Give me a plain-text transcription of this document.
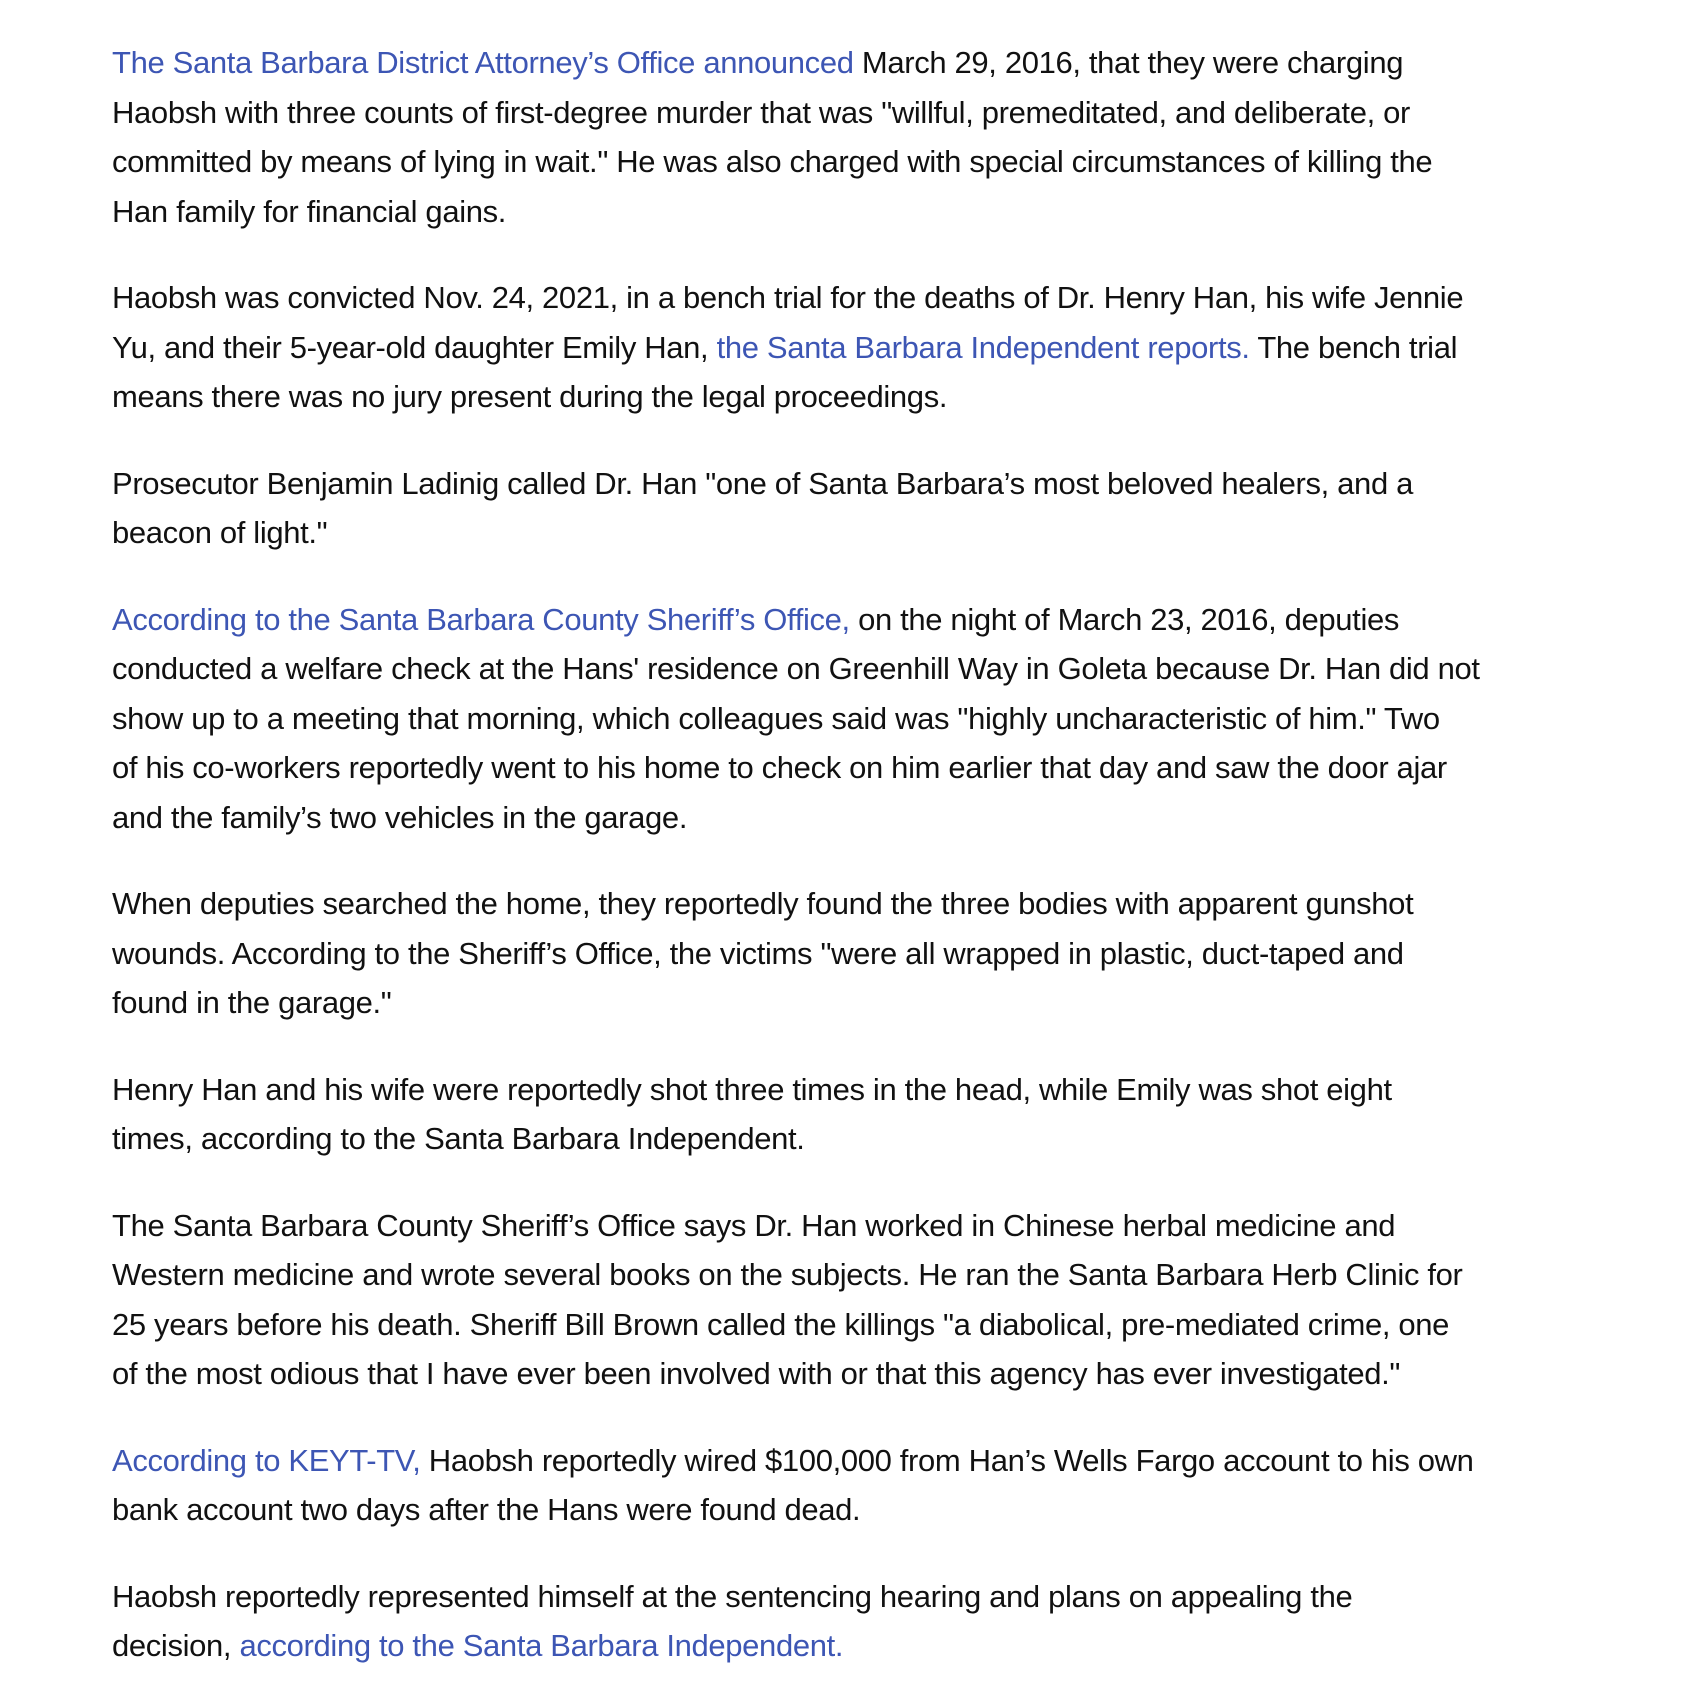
The Santa Barbara District Attorney’s Office announced March 29, 2016, that they were charging
Haobsh with three counts of first-degree murder that was "willful, premeditated, and deliberate, or
committed by means of lying in wait." He was also charged with special circumstances of killing the
Han family for financial gains.

Haobsh was convicted Nov. 24, 2021, in a bench trial for the deaths of Dr. Henry Han, his wife Jennie
Yu, and their 5-year-old daughter Emily Han, the Santa Barbara Independent reports. The bench trial
means there was no jury present during the legal proceedings.

Prosecutor Benjamin Ladinig called Dr. Han "one of Santa Barbara’s most beloved healers, and a
beacon of light."

According to the Santa Barbara County Sheriff’s Office, on the night of March 23, 2016, deputies
conducted a welfare check at the Hans' residence on Greenhill Way in Goleta because Dr. Han did not
show up to a meeting that morning, which colleagues said was "highly uncharacteristic of him." Two
of his co-workers reportedly went to his home to check on him earlier that day and saw the door ajar
and the family’s two vehicles in the garage.

When deputies searched the home, they reportedly found the three bodies with apparent gunshot
wounds. According to the Sheriff’s Office, the victims "were all wrapped in plastic, duct-taped and
found in the garage."

Henry Han and his wife were reportedly shot three times in the head, while Emily was shot eight
times, according to the Santa Barbara Independent.

The Santa Barbara County Sheriff’s Office says Dr. Han worked in Chinese herbal medicine and
Western medicine and wrote several books on the subjects. He ran the Santa Barbara Herb Clinic for
25 years before his death. Sheriff Bill Brown called the killings "a diabolical, pre-mediated crime, one
of the most odious that I have ever been involved with or that this agency has ever investigated."

According to KEYT-TV, Haobsh reportedly wired $100,000 from Han’s Wells Fargo account to his own
bank account two days after the Hans were found dead.

Haobsh reportedly represented himself at the sentencing hearing and plans on appealing the
decision, according to the Santa Barbara Independent.
